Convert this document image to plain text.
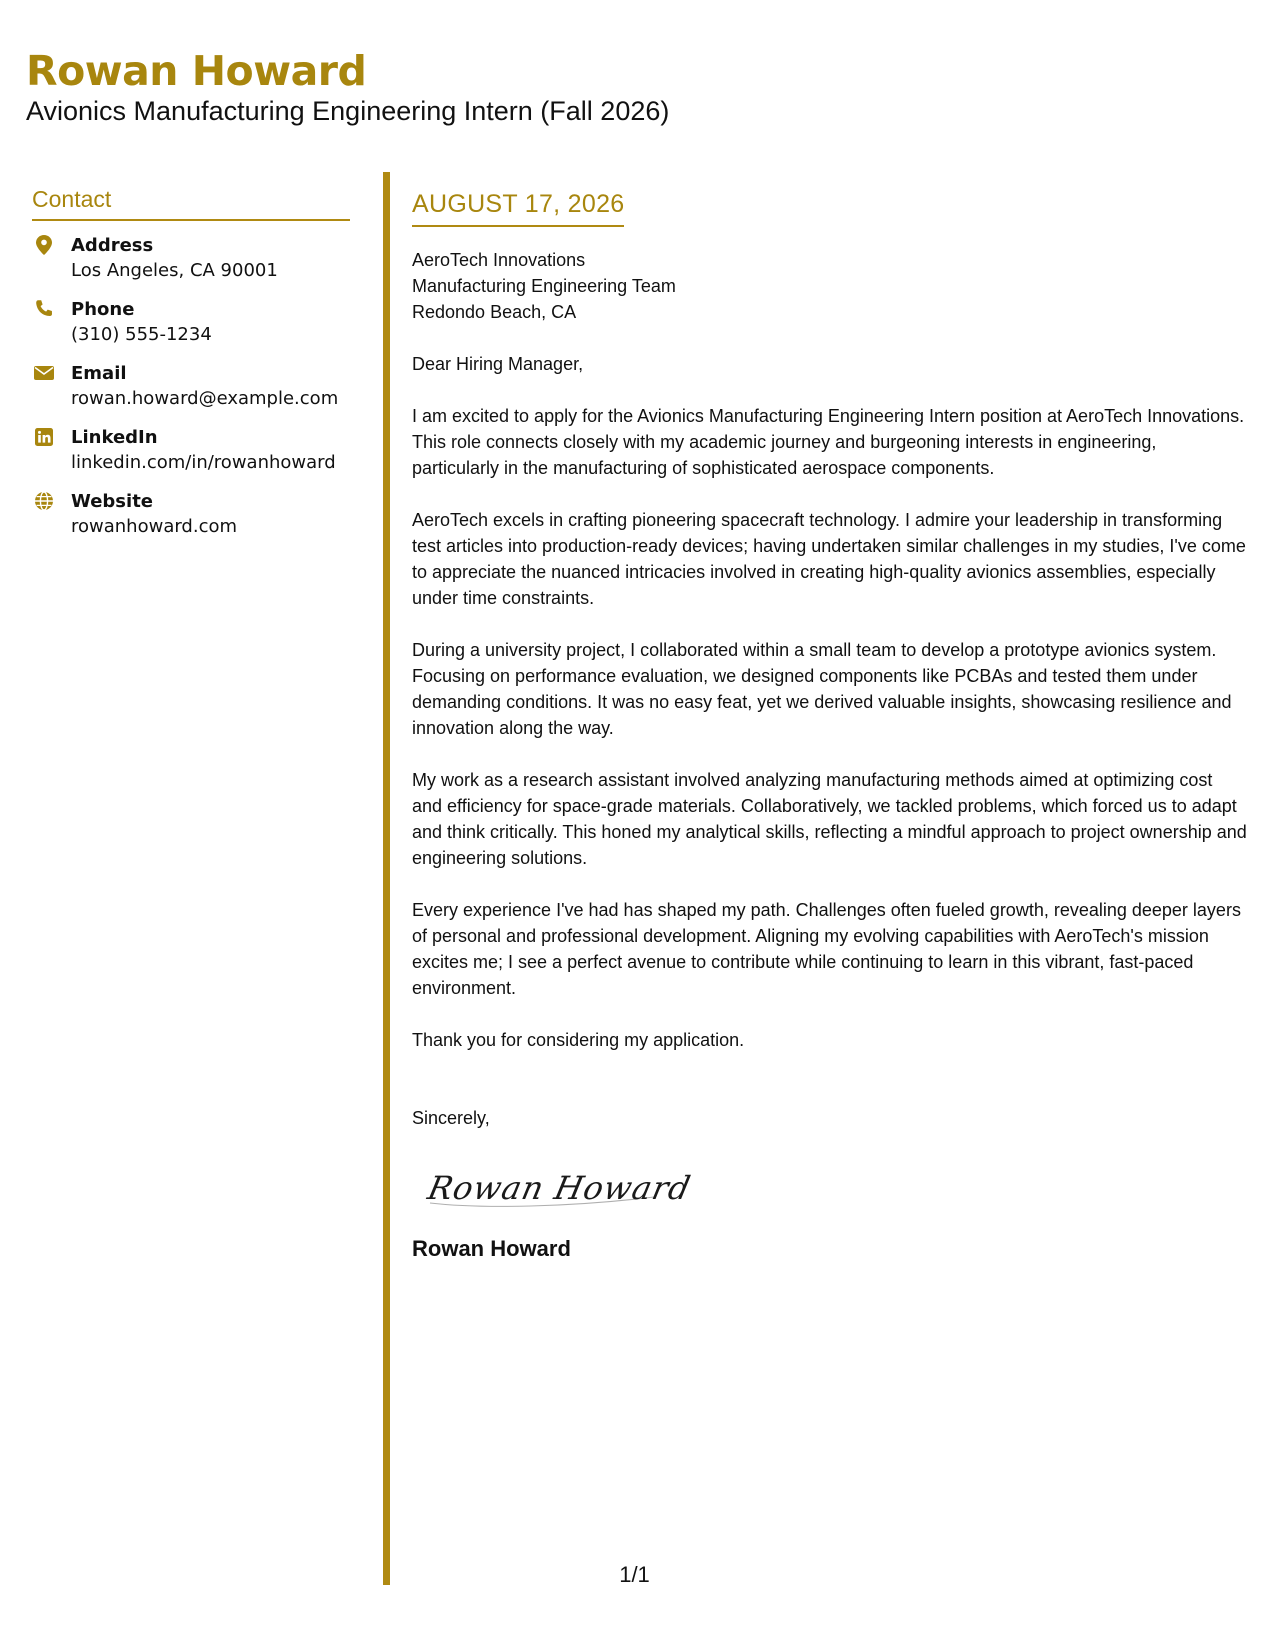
Rowan Howard
Avionics Manufacturing Engineering Intern (Fall 2026)
Contact
Address
Los Angeles, CA 90001
Phone
(310) 555-1234
Email
rowan.howard@example.com
LinkedIn
linkedin.com/in/rowanhoward
Website
rowanhoward.com
AUGUST 17, 2026
AeroTech Innovations
Manufacturing Engineering Team
Redondo Beach, CA

Dear Hiring Manager,

I am excited to apply for the Avionics Manufacturing Engineering Intern position at AeroTech Innovations. This role connects closely with my academic journey and burgeoning interests in engineering, particularly in the manufacturing of sophisticated aerospace components.

AeroTech excels in crafting pioneering spacecraft technology. I admire your leadership in transforming test articles into production-ready devices; having undertaken similar challenges in my studies, I've come to appreciate the nuanced intricacies involved in creating high-quality avionics assemblies, especially under time constraints.

During a university project, I collaborated within a small team to develop a prototype avionics system. Focusing on performance evaluation, we designed components like PCBAs and tested them under demanding conditions. It was no easy feat, yet we derived valuable insights, showcasing resilience and innovation along the way.

My work as a research assistant involved analyzing manufacturing methods aimed at optimizing cost and efficiency for space-grade materials. Collaboratively, we tackled problems, which forced us to adapt and think critically. This honed my analytical skills, reflecting a mindful approach to project ownership and engineering solutions.

Every experience I've had has shaped my path. Challenges often fueled growth, revealing deeper layers of personal and professional development. Aligning my evolving capabilities with AeroTech's mission excites me; I see a perfect avenue to contribute while continuing to learn in this vibrant, fast-paced environment.

Thank you for considering my application.

Sincerely,
Rowan Howard
Rowan Howard
1/1
